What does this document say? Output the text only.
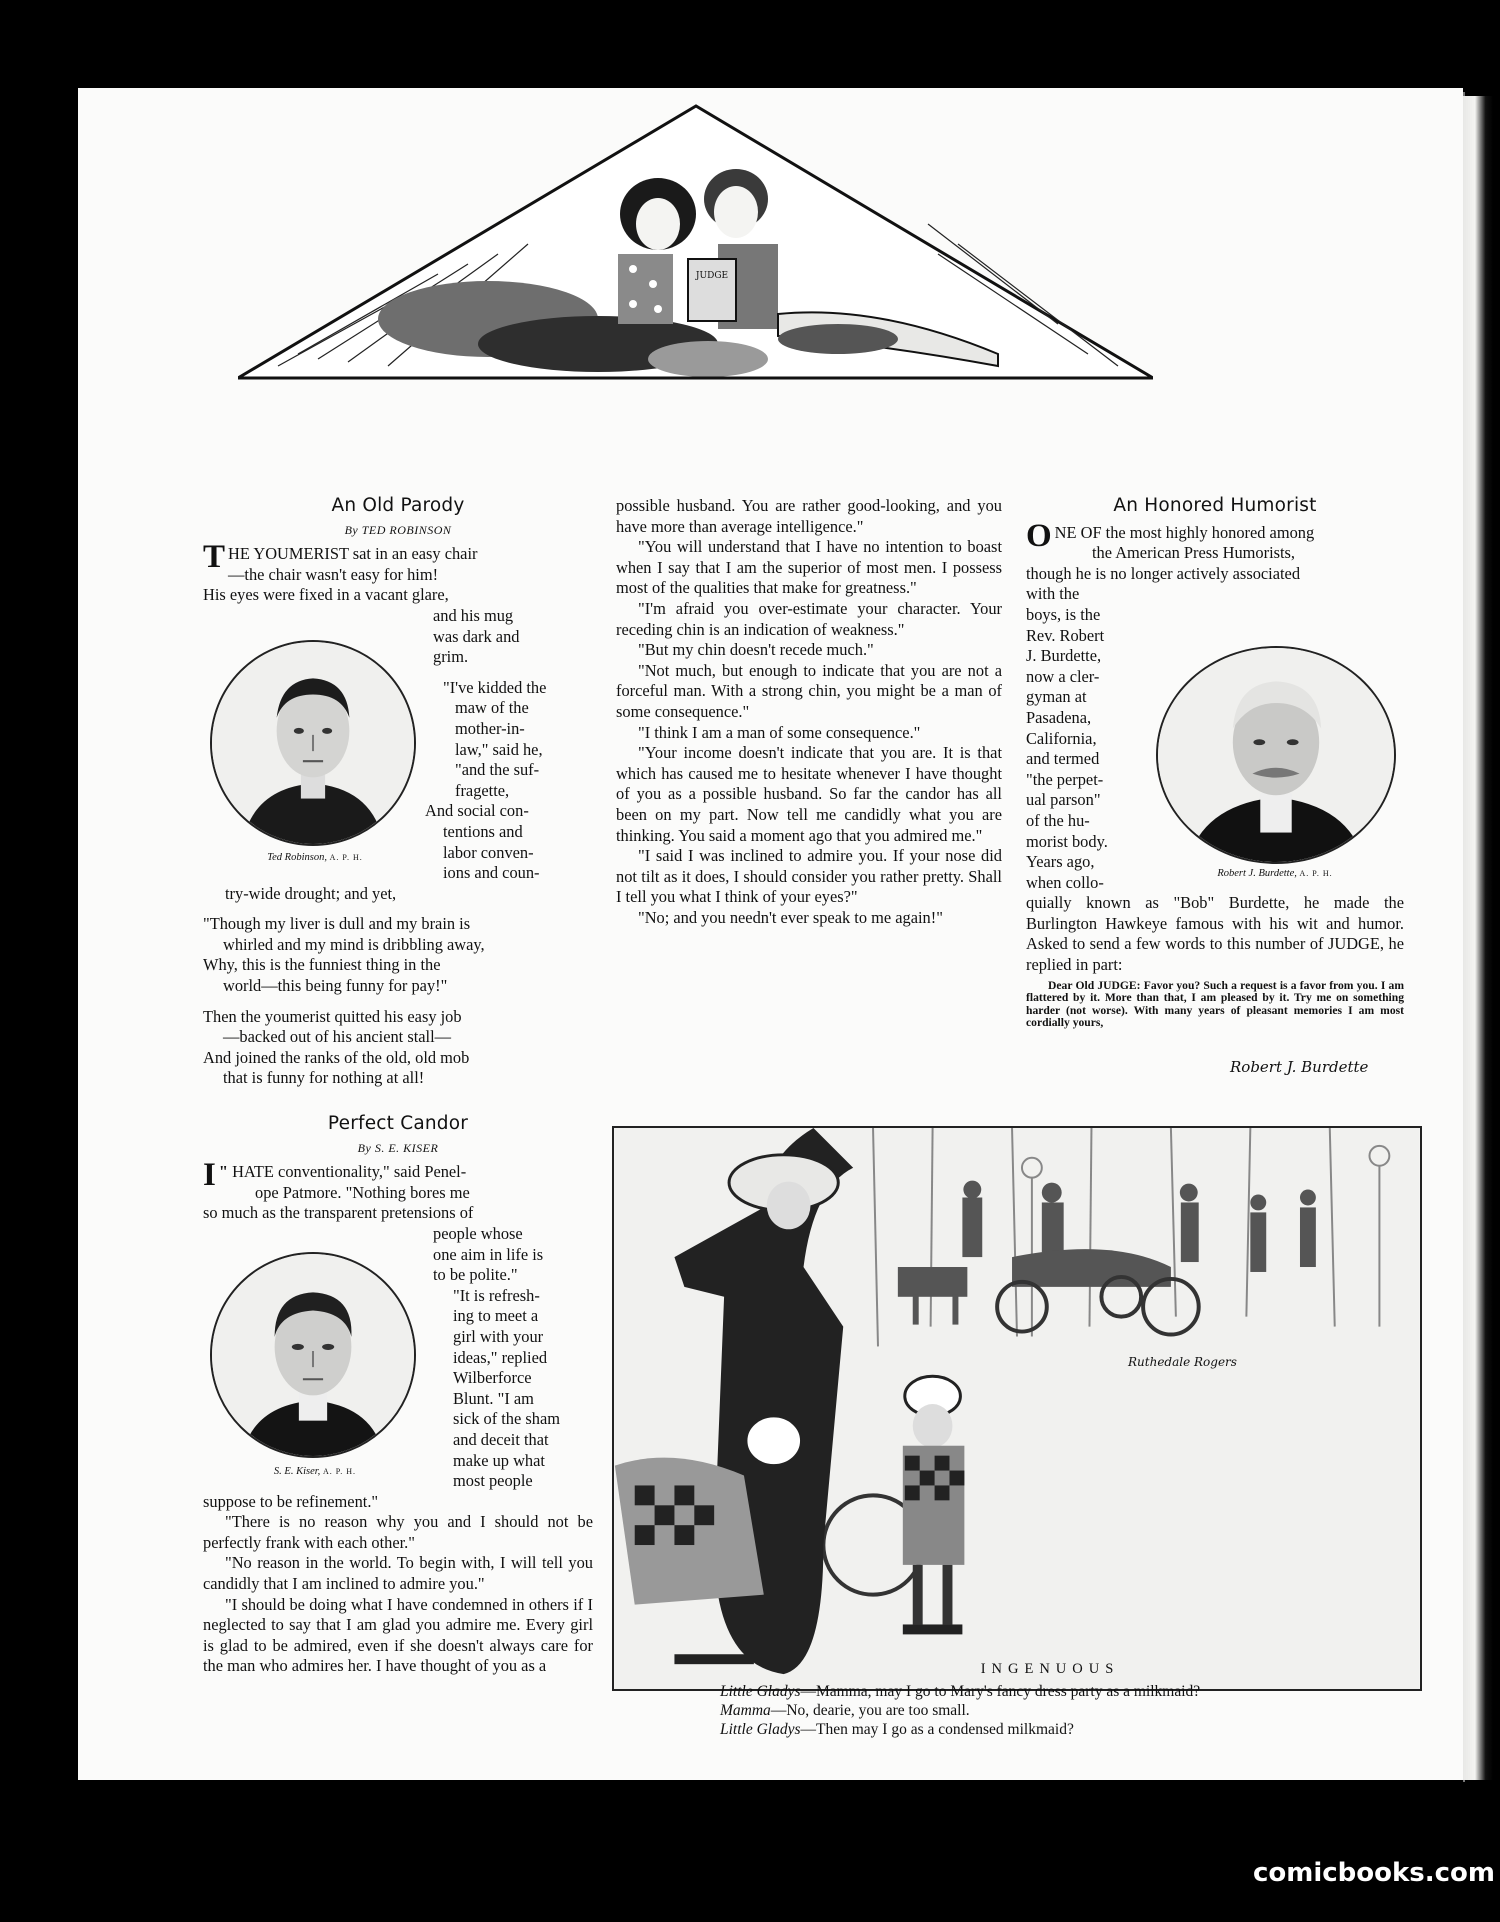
JUDGE
An Old Parody
By TED ROBINSON
THE YOUMERIST sat in an easy chair
—the chair wasn't easy for him!
His eyes were fixed in a vacant glare,
and his mug
was dark and
grim.
"I've kidded the
maw of the
mother-in-
law," said he,
"and the suf-
fragette,
And social con-
tentions and
labor conven-
ions and coun-
try-wide drought; and yet,
"Though my liver is dull and my brain is
whirled and my mind is dribbling away,
Why, this is the funniest thing in the
world—this being funny for pay!"
Then the youmerist quitted his easy job
—backed out of his ancient stall—
And joined the ranks of the old, old mob
that is funny for nothing at all!
Ted Robinson, A. P. H.
Perfect Candor
By S. E. KISER
"
I HATE conventionality," said Penel-
ope Patmore. "Nothing bores me
so much as the transparent pretensions of
people whose
one aim in life is
to be polite."
"It is refresh-
ing to meet a
girl with your
ideas," replied
Wilberforce
Blunt. "I am
sick of the sham
and deceit that
make up what
most people

suppose to be refinement."

"There is no reason why you and I should not be perfectly frank with each other."

"No reason in the world. To begin with, I will tell you candidly that I am inclined to admire you."

"I should be doing what I have condemned in others if I neglected to say that I am glad you admire me. Every girl is glad to be admired, even if she doesn't always care for the man who admires her. I have thought of you as a

S. E. Kiser, A. P. H.

possible husband. You are rather good-looking, and you have more than average intelligence."

"You will understand that I have no intention to boast when I say that I am the superior of most men. I possess most of the qualities that make for greatness."

"I'm afraid you over-estimate your character. Your receding chin is an indication of weakness."

"But my chin doesn't recede much."

"Not much, but enough to indicate that you are not a forceful man. With a strong chin, you might be a man of some consequence."

"I think I am a man of some consequence."

"Your income doesn't indicate that you are. It is that which has caused me to hesitate whenever I have thought of you as a possible husband. So far the candor has all been on my part. Now tell me candidly what you are thinking. You said a moment ago that you admired me."

"I said I was inclined to admire you. If your nose did not tilt as it does, I should consider you rather pretty. Shall I tell you what I think of your eyes?"

"No; and you needn't ever speak to me again!"

An Honored Humorist
ONE OF the most highly honored among
the American Press Humorists,
though he is no longer actively associated
with the
boys, is the
Rev. Robert
J. Burdette,
now a cler-
gyman at
Pasadena,
California,
and termed
"the perpet-
ual parson"
of the hu-
morist body.
Years ago,
when collo-

quially known as "Bob" Burdette, he made the Burlington Hawkeye famous with his wit and humor. Asked to send a few words to this number of JUDGE, he replied in part:

Dear Old JUDGE: Favor you? Such a request is a favor from you. I am flattered by it. More than that, I am pleased by it. Try me on something harder (not worse). With many years of pleasant memories I am most cordially yours,

Robert J. Burdette
Robert J. Burdette, A. P. H.
Ruthedale Rogers
INGENUOUS
Little Gladys—Mamma, may I go to Mary's fancy dress party as a milkmaid?
Mamma—No, dearie, you are too small.
Little Gladys—Then may I go as a condensed milkmaid?
comicbooks.com
